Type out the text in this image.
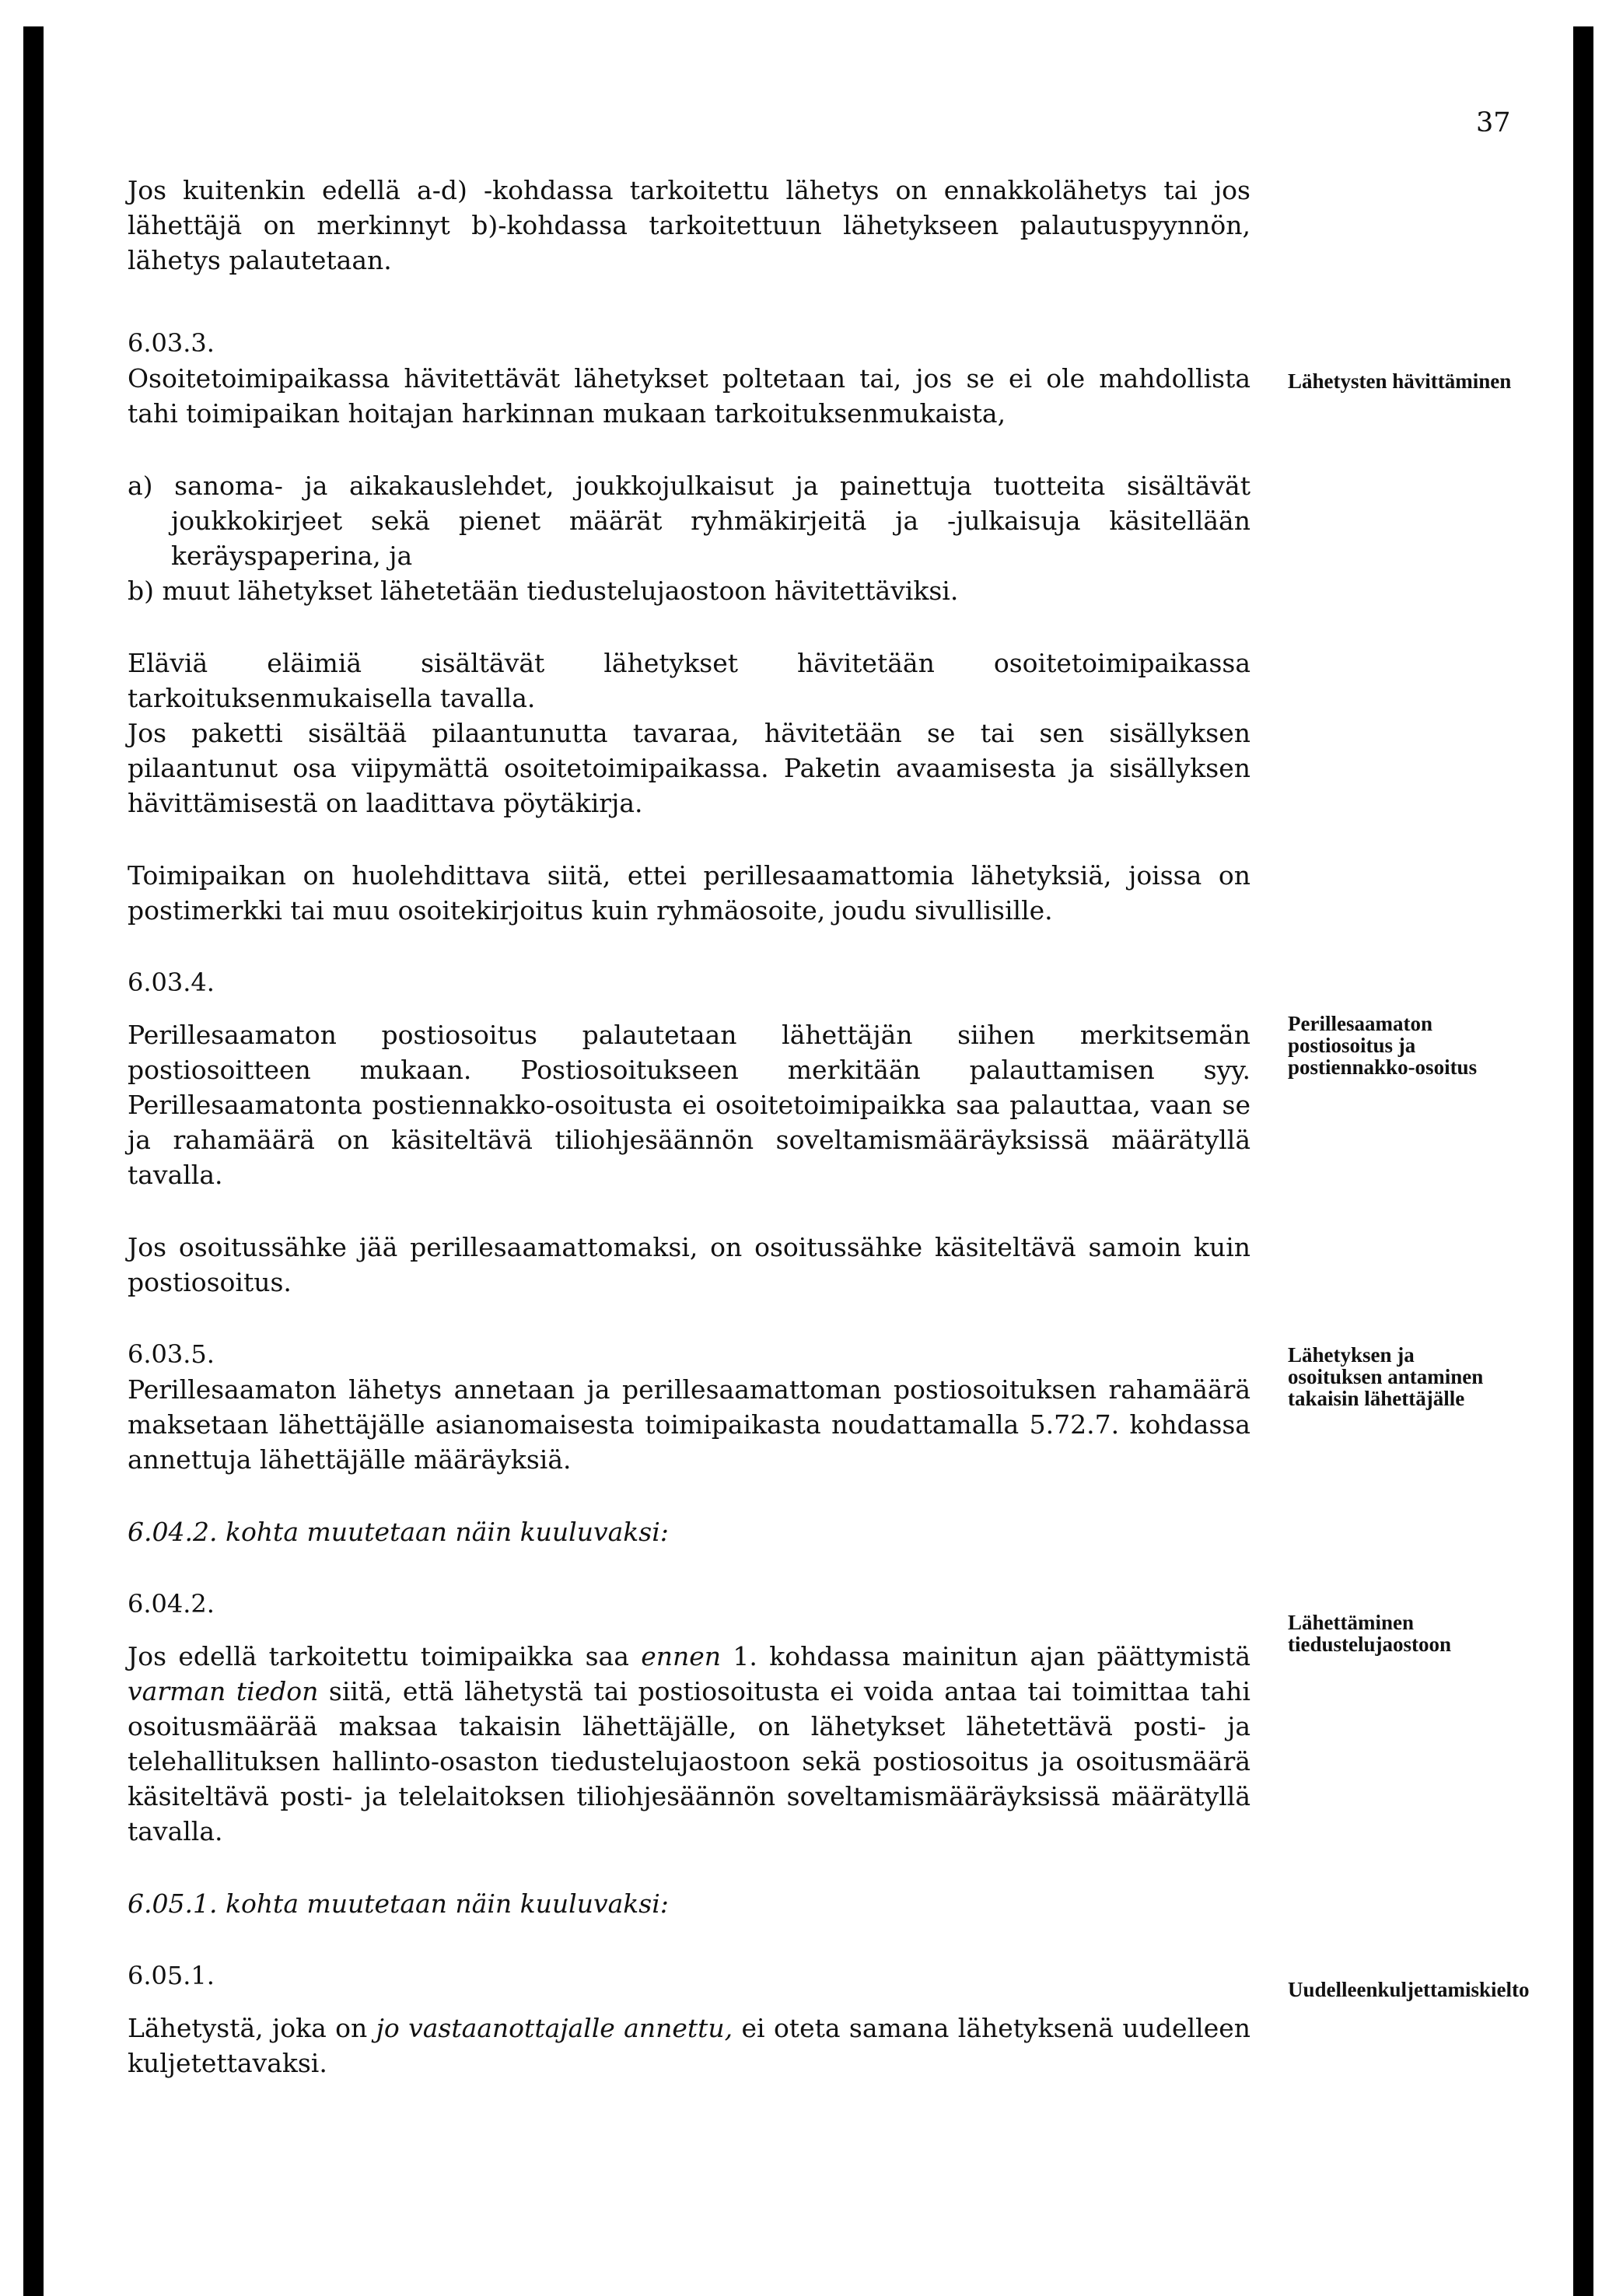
37

Jos kuitenkin edellä a-d) -kohdassa tarkoitettu lähetys on ennakkolähetys tai jos lähettäjä on merkinnyt b)-kohdassa tarkoitettuun lähetykseen palautuspyynnön, lähetys palautetaan.

6.03.3.

Osoitetoimipaikassa hävitettävät lähetykset poltetaan tai, jos se ei ole mahdollista tahi toimipaikan hoitajan harkinnan mukaan tarkoituksenmukaista,

a) sanoma- ja aikakauslehdet, joukkojulkaisut ja painettuja tuotteita sisältävät joukkokirjeet sekä pienet määrät ryhmäkirjeitä ja -julkaisuja käsitellään keräyspaperina, ja

b) muut lähetykset lähetetään tiedustelujaostoon hävitettäviksi.

Eläviä eläimiä sisältävät lähetykset hävitetään osoitetoimipaikassa tarkoituksenmukaisella tavalla.

Jos paketti sisältää pilaantunutta tavaraa, hävitetään se tai sen sisällyksen pilaantunut osa viipymättä osoitetoimipaikassa. Paketin avaamisesta ja sisällyksen hävittämisestä on laadittava pöytäkirja.

Toimipaikan on huolehdittava siitä, ettei perillesaamattomia lähetyksiä, joissa on postimerkki tai muu osoitekirjoitus kuin ryhmäosoite, joudu sivullisille.

6.03.4.

Perillesaamaton postiosoitus palautetaan lähettäjän siihen merkitsemän postiosoitteen mukaan. Postiosoitukseen merkitään palauttamisen syy. Perillesaamatonta postiennakko-osoitusta ei osoitetoimipaikka saa palauttaa, vaan se ja rahamäärä on käsiteltävä tiliohjesäännön soveltamismääräyksissä määrätyllä tavalla.

Jos osoitussähke jää perillesaamattomaksi, on osoitussähke käsiteltävä samoin kuin postiosoitus.

6.03.5.

Perillesaamaton lähetys annetaan ja perillesaamattoman postiosoituksen rahamäärä maksetaan lähettäjälle asianomaisesta toimipaikasta noudattamalla 5.72.7. kohdassa annettuja lähettäjälle määräyksiä.

6.04.2. kohta muutetaan näin kuuluvaksi:

6.04.2.

Jos edellä tarkoitettu toimipaikka saa ennen 1. kohdassa mainitun ajan päättymistä varman tiedon siitä, että lähetystä tai postiosoitusta ei voida antaa tai toimittaa tahi osoitusmäärää maksaa takaisin lähettäjälle, on lähetykset lähetettävä posti- ja telehallituksen hallinto-osaston tiedustelujaostoon sekä postiosoitus ja osoitusmäärä käsiteltävä posti- ja telelaitoksen tiliohjesäännön soveltamismääräyksissä määrätyllä tavalla.

6.05.1. kohta muutetaan näin kuuluvaksi:

6.05.1.

Lähetystä, joka on jo vastaanottajalle annettu, ei oteta samana lähetyksenä uudelleen kuljetettavaksi.

Lähetysten hävittäminen
Perillesaamaton postiosoitus ja postiennakko-osoitus
Lähetyksen ja osoituksen antaminen takaisin lähettäjälle
Lähettäminen tiedustelujaostoon
Uudelleenkuljettamiskielto
